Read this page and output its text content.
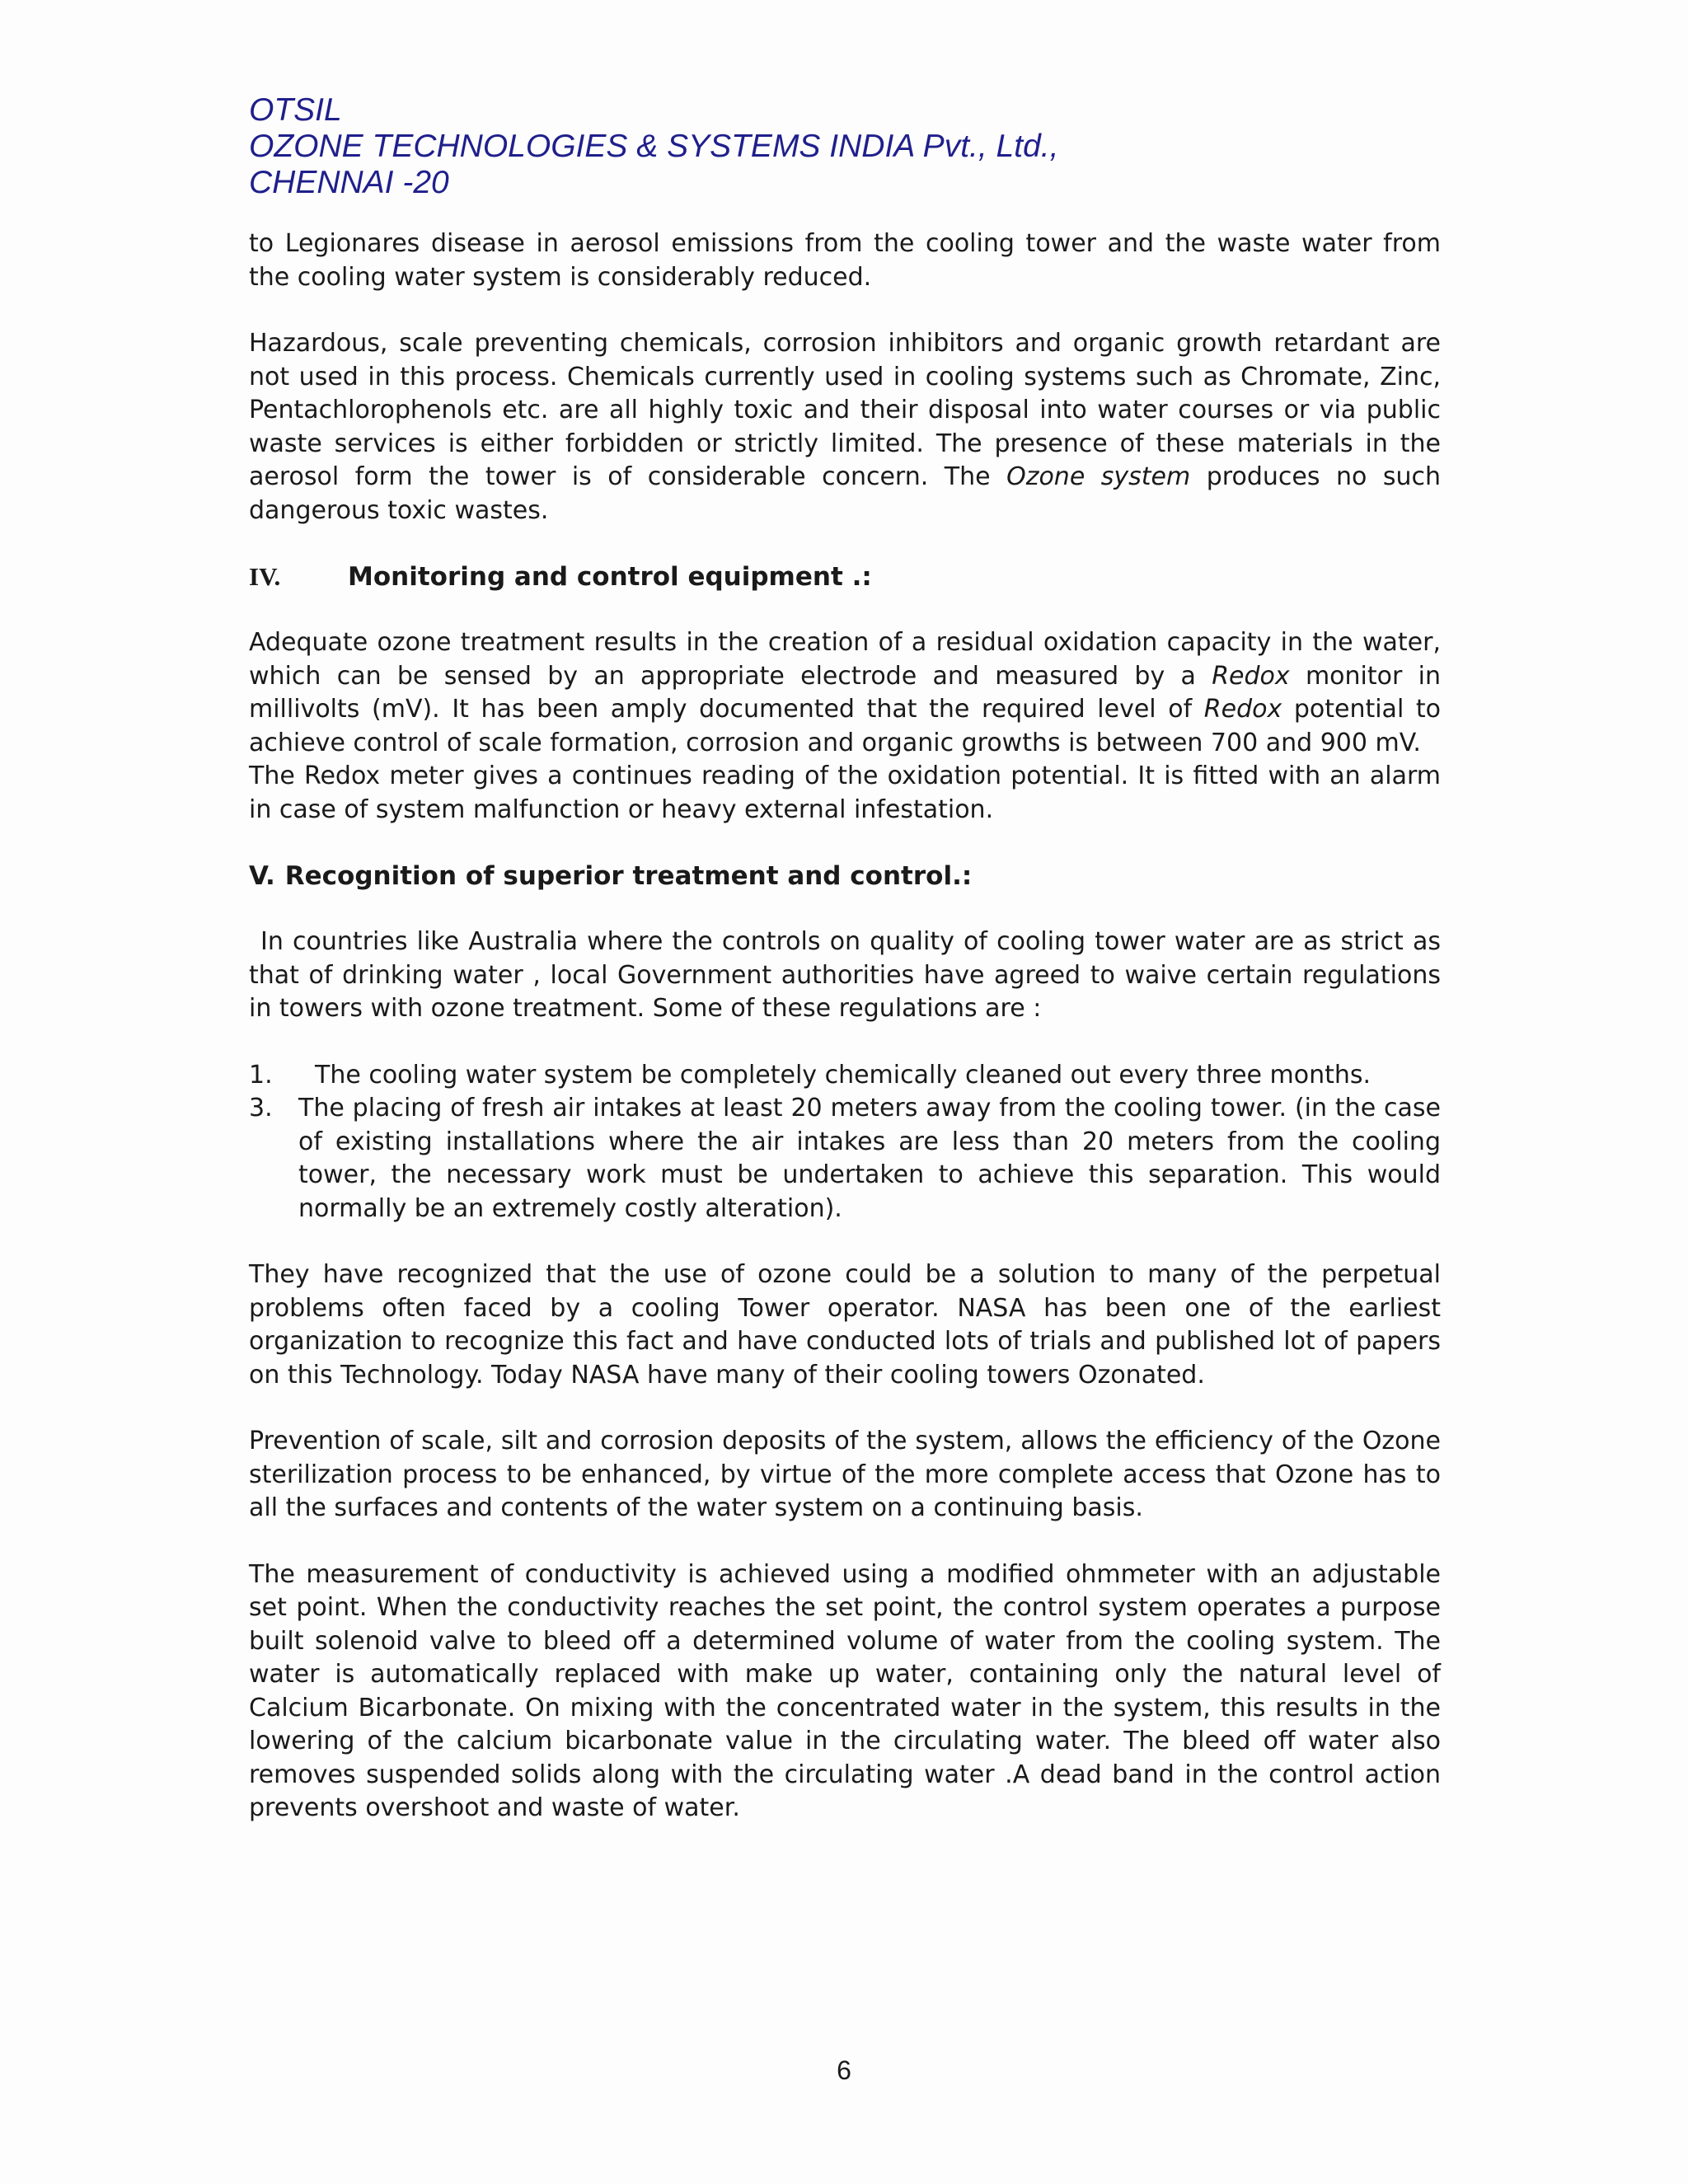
OTSIL
OZONE TECHNOLOGIES & SYSTEMS INDIA Pvt., Ltd.,
CHENNAI -20

to Legionares disease in aerosol emissions from the cooling tower and the waste water from the cooling water system is considerably reduced.

Hazardous, scale preventing chemicals, corrosion inhibitors and organic growth retardant are not used in this process. Chemicals currently used in cooling systems such as Chromate, Zinc, Pentachlorophenols etc. are all highly toxic and their disposal into water courses or via public waste services is either forbidden or strictly limited. The presence of these materials in the aerosol form the tower is of considerable concern. The Ozone system produces no such dangerous toxic wastes.

IV.	Monitoring and control equipment .:

Adequate ozone treatment results in the creation of a residual oxidation capacity in the water, which can be sensed by an appropriate electrode and measured by a Redox monitor in millivolts (mV). It has been amply documented that the required level of Redox potential to achieve control of scale formation, corrosion and organic growths is between 700 and 900 mV.

The Redox meter gives a continues reading of the oxidation potential. It is fitted with an alarm in case of system malfunction or heavy external infestation.

V. Recognition of superior treatment and control.:

In countries like Australia where the controls on quality of cooling tower water are as strict as that of drinking water , local Government authorities have agreed to waive certain regulations in towers with ozone treatment. Some of these regulations are :

1.	The cooling water system be completely chemically cleaned out every three months.
3.	The placing of fresh air intakes at least 20 meters away from the cooling tower. (in the case of existing installations where the air intakes are less than 20 meters from the cooling tower, the necessary work must be undertaken to achieve this separation. This would normally be an extremely costly alteration).

They have recognized that the use of ozone could be a solution to many of the perpetual problems often faced by a cooling Tower operator. NASA has been one of the earliest organization to recognize this fact and have conducted lots of trials and published lot of papers on this Technology. Today NASA have many of their cooling towers Ozonated.

Prevention of scale, silt and corrosion deposits of the system, allows the efficiency of the Ozone sterilization process to be enhanced, by virtue of the more complete access that Ozone has to all the surfaces and contents of the water system on a continuing basis.

The measurement of conductivity is achieved using a modified ohmmeter with an adjustable set point. When the conductivity reaches the set point, the control system operates a purpose built solenoid valve to bleed off a determined volume of water from the cooling system. The water is automatically replaced with make up water, containing only the natural level of Calcium Bicarbonate. On mixing with the concentrated water in the system, this results in the lowering of the calcium bicarbonate value in the circulating water. The bleed off water also removes suspended solids along with the circulating water .A dead band in the control action prevents overshoot and waste of water.

6
